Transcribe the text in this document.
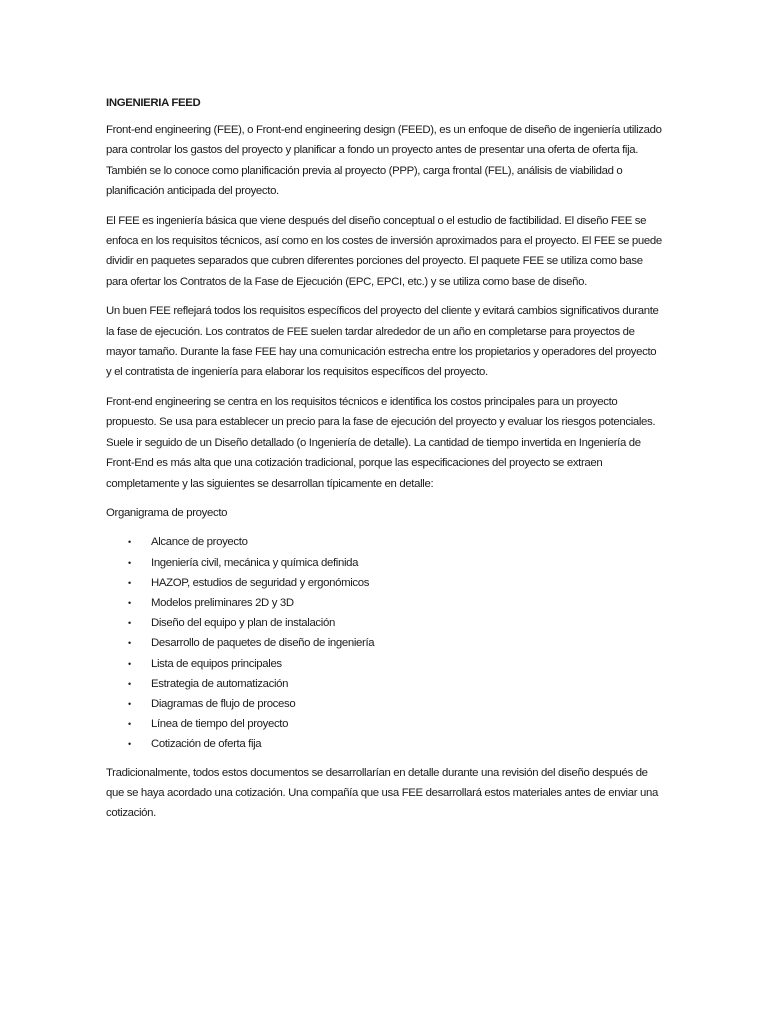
INGENIERIA FEED

Front-end engineering (FEE), o Front-end engineering design (FEED), es un enfoque de diseño de ingeniería utilizado para controlar los gastos del proyecto y planificar a fondo un proyecto antes de presentar una oferta de oferta fija. También se lo conoce como planificación previa al proyecto (PPP), carga frontal (FEL), análisis de viabilidad o planificación anticipada del proyecto.

El FEE es ingeniería básica que viene después del diseño conceptual o el estudio de factibilidad. El diseño FEE se enfoca en los requisitos técnicos, así como en los costes de inversión aproximados para el proyecto. El FEE se puede dividir en paquetes separados que cubren diferentes porciones del proyecto. El paquete FEE se utiliza como base para ofertar los Contratos de la Fase de Ejecución (EPC, EPCI, etc.) y se utiliza como base de diseño.

Un buen FEE reflejará todos los requisitos específicos del proyecto del cliente y evitará cambios significativos durante la fase de ejecución. Los contratos de FEE suelen tardar alrededor de un año en completarse para proyectos de mayor tamaño. Durante la fase FEE hay una comunicación estrecha entre los propietarios y operadores del proyecto y el contratista de ingeniería para elaborar los requisitos específicos del proyecto.

Front-end engineering se centra en los requisitos técnicos e identifica los costos principales para un proyecto propuesto. Se usa para establecer un precio para la fase de ejecución del proyecto y evaluar los riesgos potenciales. Suele ir seguido de un Diseño detallado (o Ingeniería de detalle). La cantidad de tiempo invertida en Ingeniería de Front-End es más alta que una cotización tradicional, porque las especificaciones del proyecto se extraen completamente y las siguientes se desarrollan típicamente en detalle:

Organigrama de proyecto

• Alcance de proyecto
• Ingeniería civil, mecánica y química definida
• HAZOP, estudios de seguridad y ergonómicos
• Modelos preliminares 2D y 3D
• Diseño del equipo y plan de instalación
• Desarrollo de paquetes de diseño de ingeniería
• Lista de equipos principales
• Estrategia de automatización
• Diagramas de flujo de proceso
• Línea de tiempo del proyecto
• Cotización de oferta fija

Tradicionalmente, todos estos documentos se desarrollarían en detalle durante una revisión del diseño después de que se haya acordado una cotización. Una compañía que usa FEE desarrollará estos materiales antes de enviar una cotización.
